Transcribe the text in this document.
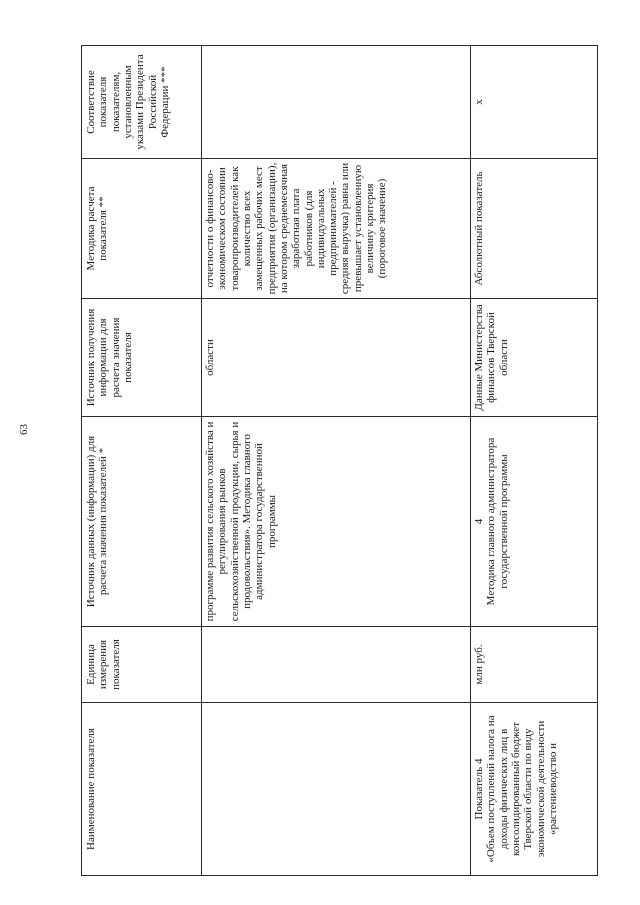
63
Наименование показателя	Единица измерения показателя	Источник данных (информации) для расчета значения показателей *	Источник получения информации для расчета значения показателя	Методика расчета показателя **	Соответствие показателя показателям, установленным указами Президента Российской Федерации ***
		программе развития сельского хозяйства и регулирования рынков сельскохозяйственной продукции, сырья и продовольствия». Методика главного администратора государственной программы	области	отчетности о финансово-экономическом состоянии товаропроизводителей как количество всех замещенных рабочих мест предприятия (организации), на котором среднемесячная заработная плата работников (для индивидуальных предпринимателей - средняя выручка) равна или превышает установленную величину критерия (пороговое значение)	

Показатель 4 «Объем поступлений налога на доходы физических лиц в консолидированный бюджет Тверской области по виду экономической деятельности «растениеводство и	млн руб.	4 Методика главного администратора государственной программы	Данные Министерства финансов Тверской области	Абсолютный показатель	х
